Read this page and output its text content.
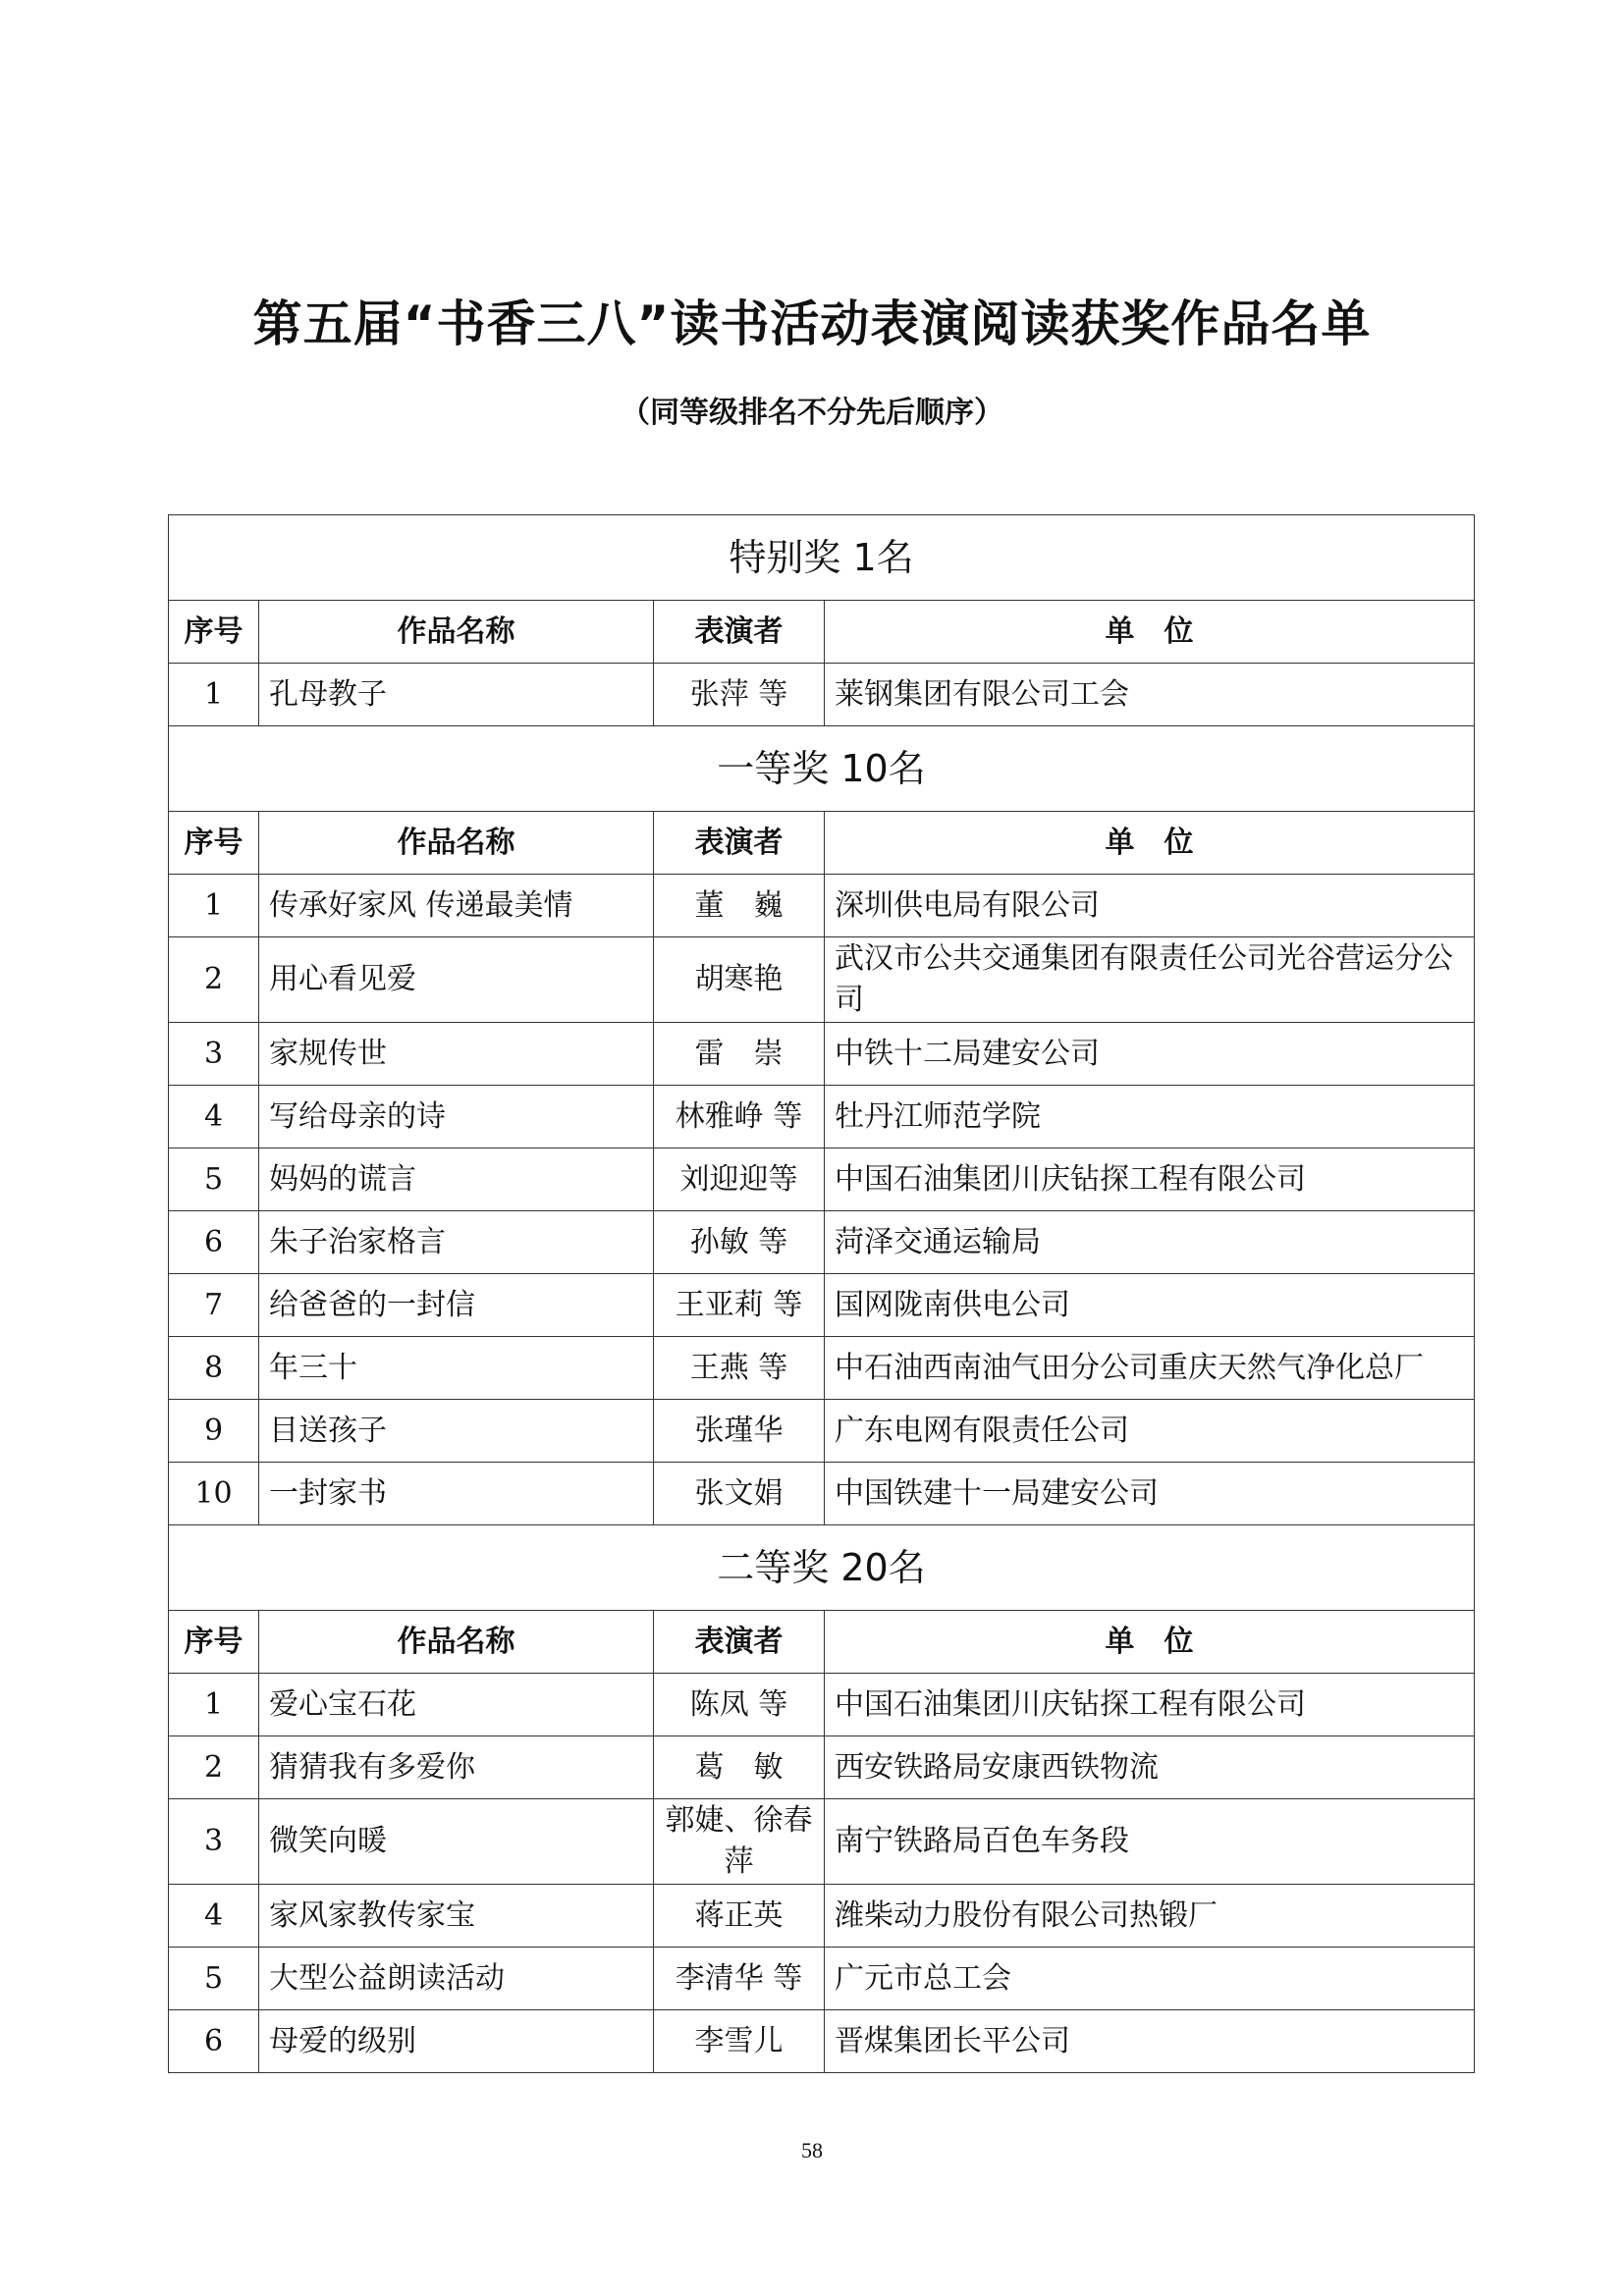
第五届“书香三八”读书活动表演阅读获奖作品名单
（同等级排名不分先后顺序）
特别奖 1名			
序号	作品名称	表演者	单　位
1	孔母教子	张萍 等	莱钢集团有限公司工会
一等奖 10名			
序号	作品名称	表演者	单　位
1	传承好家风 传递最美情	董　巍	深圳供电局有限公司
2	用心看见爱	胡寒艳	武汉市公共交通集团有限责任公司光谷营运分公司
3	家规传世	雷　崇	中铁十二局建安公司
4	写给母亲的诗	林雅峥 等	牡丹江师范学院
5	妈妈的谎言	刘迎迎等	中国石油集团川庆钻探工程有限公司
6	朱子治家格言	孙敏 等	菏泽交通运输局
7	给爸爸的一封信	王亚莉 等	国网陇南供电公司
8	年三十	王燕 等	中石油西南油气田分公司重庆天然气净化总厂
9	目送孩子	张瑾华	广东电网有限责任公司
10	一封家书	张文娟	中国铁建十一局建安公司
二等奖 20名			
序号	作品名称	表演者	单　位
1	爱心宝石花	陈凤 等	中国石油集团川庆钻探工程有限公司
2	猜猜我有多爱你	葛　敏	西安铁路局安康西铁物流
3	微笑向暖	郭婕、徐春萍	南宁铁路局百色车务段
4	家风家教传家宝	蒋正英	潍柴动力股份有限公司热锻厂
5	大型公益朗读活动	李清华 等	广元市总工会
6	母爱的级别	李雪儿	晋煤集团长平公司
58
